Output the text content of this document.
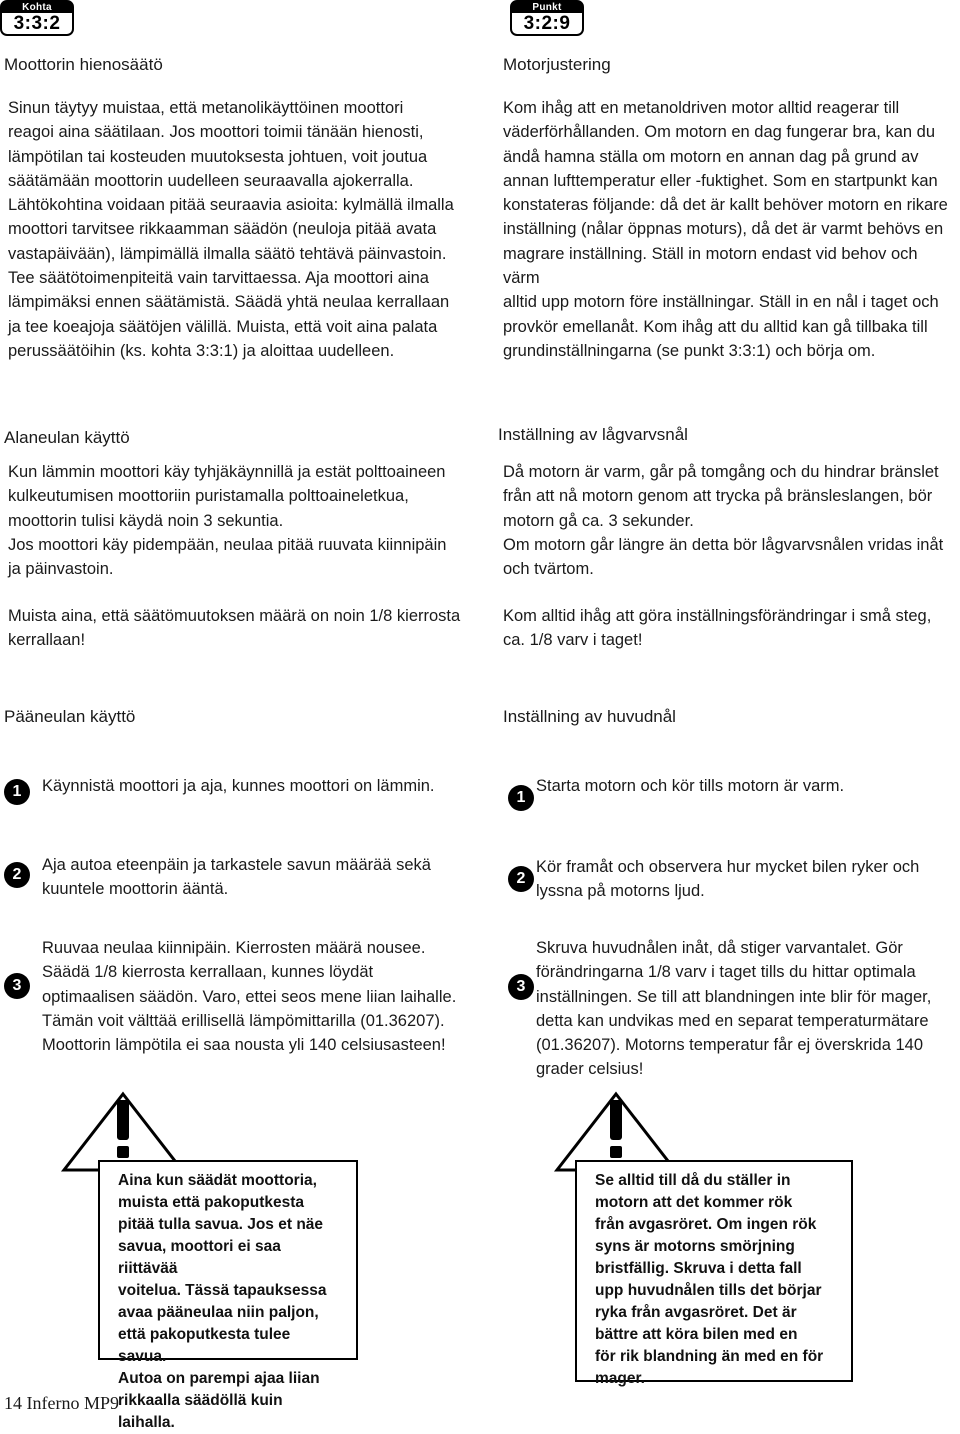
Kohta
3:3:2
Moottorin hienosäätö

Sinun täytyy muistaa, että metanolikäyttöinen moottori
reagoi aina säätilaan. Jos moottori toimii tänään hienosti,
lämpötilan tai kosteuden muutoksesta johtuen, voit joutua
säätämään moottorin uudelleen seuraavalla ajokerralla.
Lähtökohtina voidaan pitää seuraavia asioita: kylmällä ilmalla
moottori tarvitsee rikkaamman säädön (neuloja pitää avata
vastapäivään), lämpimällä ilmalla säätö tehtävä päinvastoin.
Tee säätötoimenpiteitä vain tarvittaessa. Aja moottori aina
lämpimäksi ennen säätämistä. Säädä yhtä neulaa kerrallaan
ja tee koeajoja säätöjen välillä. Muista, että voit aina palata
perussäätöihin (ks. kohta 3:3:1) ja aloittaa uudelleen.

Alaneulan käyttö

Kun lämmin moottori käy tyhjäkäynnillä ja estät polttoaineen
kulkeutumisen moottoriin puristamalla polttoaineletkua,
moottorin tulisi käydä noin 3 sekuntia.
Jos moottori käy pidempään, neulaa pitää ruuvata kiinnipäin
ja päinvastoin.

Muista aina, että säätömuutoksen määrä on noin 1/8 kierrosta
kerrallaan!

Pääneulan käyttö
1	Käynnistä moottori ja aja, kunnes moottori on lämmin.

2

Aja autoa eteenpäin ja tarkastele savun määrää sekä
kuuntele moottorin ääntä.

3

Ruuvaa neulaa kiinnipäin. Kierrosten määrä nousee.
Säädä 1/8 kierrosta kerrallaan, kunnes löydät
optimaalisen säädön. Varo, ettei seos mene liian laihalle.
Tämän voit välttää erillisellä lämpömittarilla (01.36207).
Moottorin lämpötila ei saa nousta yli 140 celsiusasteen!

Aina kun säädät moottoria,
muista että pakoputkesta
pitää tulla savua. Jos et näe
savua, moottori ei saa riittävää
voitelua. Tässä tapauksessa
avaa pääneulaa niin paljon,
että pakoputkesta tulee savua.
Autoa on parempi ajaa liian
rikkaalla säädöllä kuin laihalla.
Punkt
3:2:9
Motorjustering

Kom ihåg att en metanoldriven motor alltid reagerar till
väderförhållanden. Om motorn en dag fungerar bra, kan du
ändå hamna ställa om motorn en annan dag på grund av
annan lufttemperatur eller -fuktighet. Som en startpunkt kan
konstateras följande: då det är kallt behöver motorn en rikare
inställning (nålar öppnas moturs), då det är varmt behövs en
magrare inställning. Ställ in motorn endast vid behov och värm
alltid upp motorn före inställningar. Ställ in en nål i taget och
provkör emellanåt. Kom ihåg att du alltid kan gå tillbaka till
grundinställningarna (se punkt 3:3:1) och börja om.

Inställning av lågvarvsnål

Då motorn är varm, går på tomgång och du hindrar bränslet
från att nå motorn genom att trycka på bränsleslangen, bör
motorn gå ca. 3 sekunder.
Om motorn går längre än detta bör lågvarvsnålen vridas inåt
och tvärtom.

Kom alltid ihåg att göra inställningsförändringar i små steg,
ca. 1/8 varv i taget!

Inställning av huvudnål
1

Starta motorn och kör tills motorn är varm.

2

Kör framåt och observera hur mycket bilen ryker och
lyssna på motorns ljud.

3

Skruva huvudnålen inåt, då stiger varvantalet. Gör
förändringarna 1/8 varv i taget tills du hittar optimala
inställningen. Se till att blandningen inte blir för mager,
detta kan undvikas med en separat temperaturmätare
(01.36207). Motorns temperatur får ej överskrida 140
grader celsius!

Se alltid till då du ställer in
motorn att det kommer rök
från avgasröret. Om ingen rök
syns är motorns smörjning
bristfällig. Skruva i detta fall
upp huvudnålen tills det börjar
ryka från avgasröret. Det är
bättre att köra bilen med en
för rik blandning än med en för
mager.
14 Inferno MP9
